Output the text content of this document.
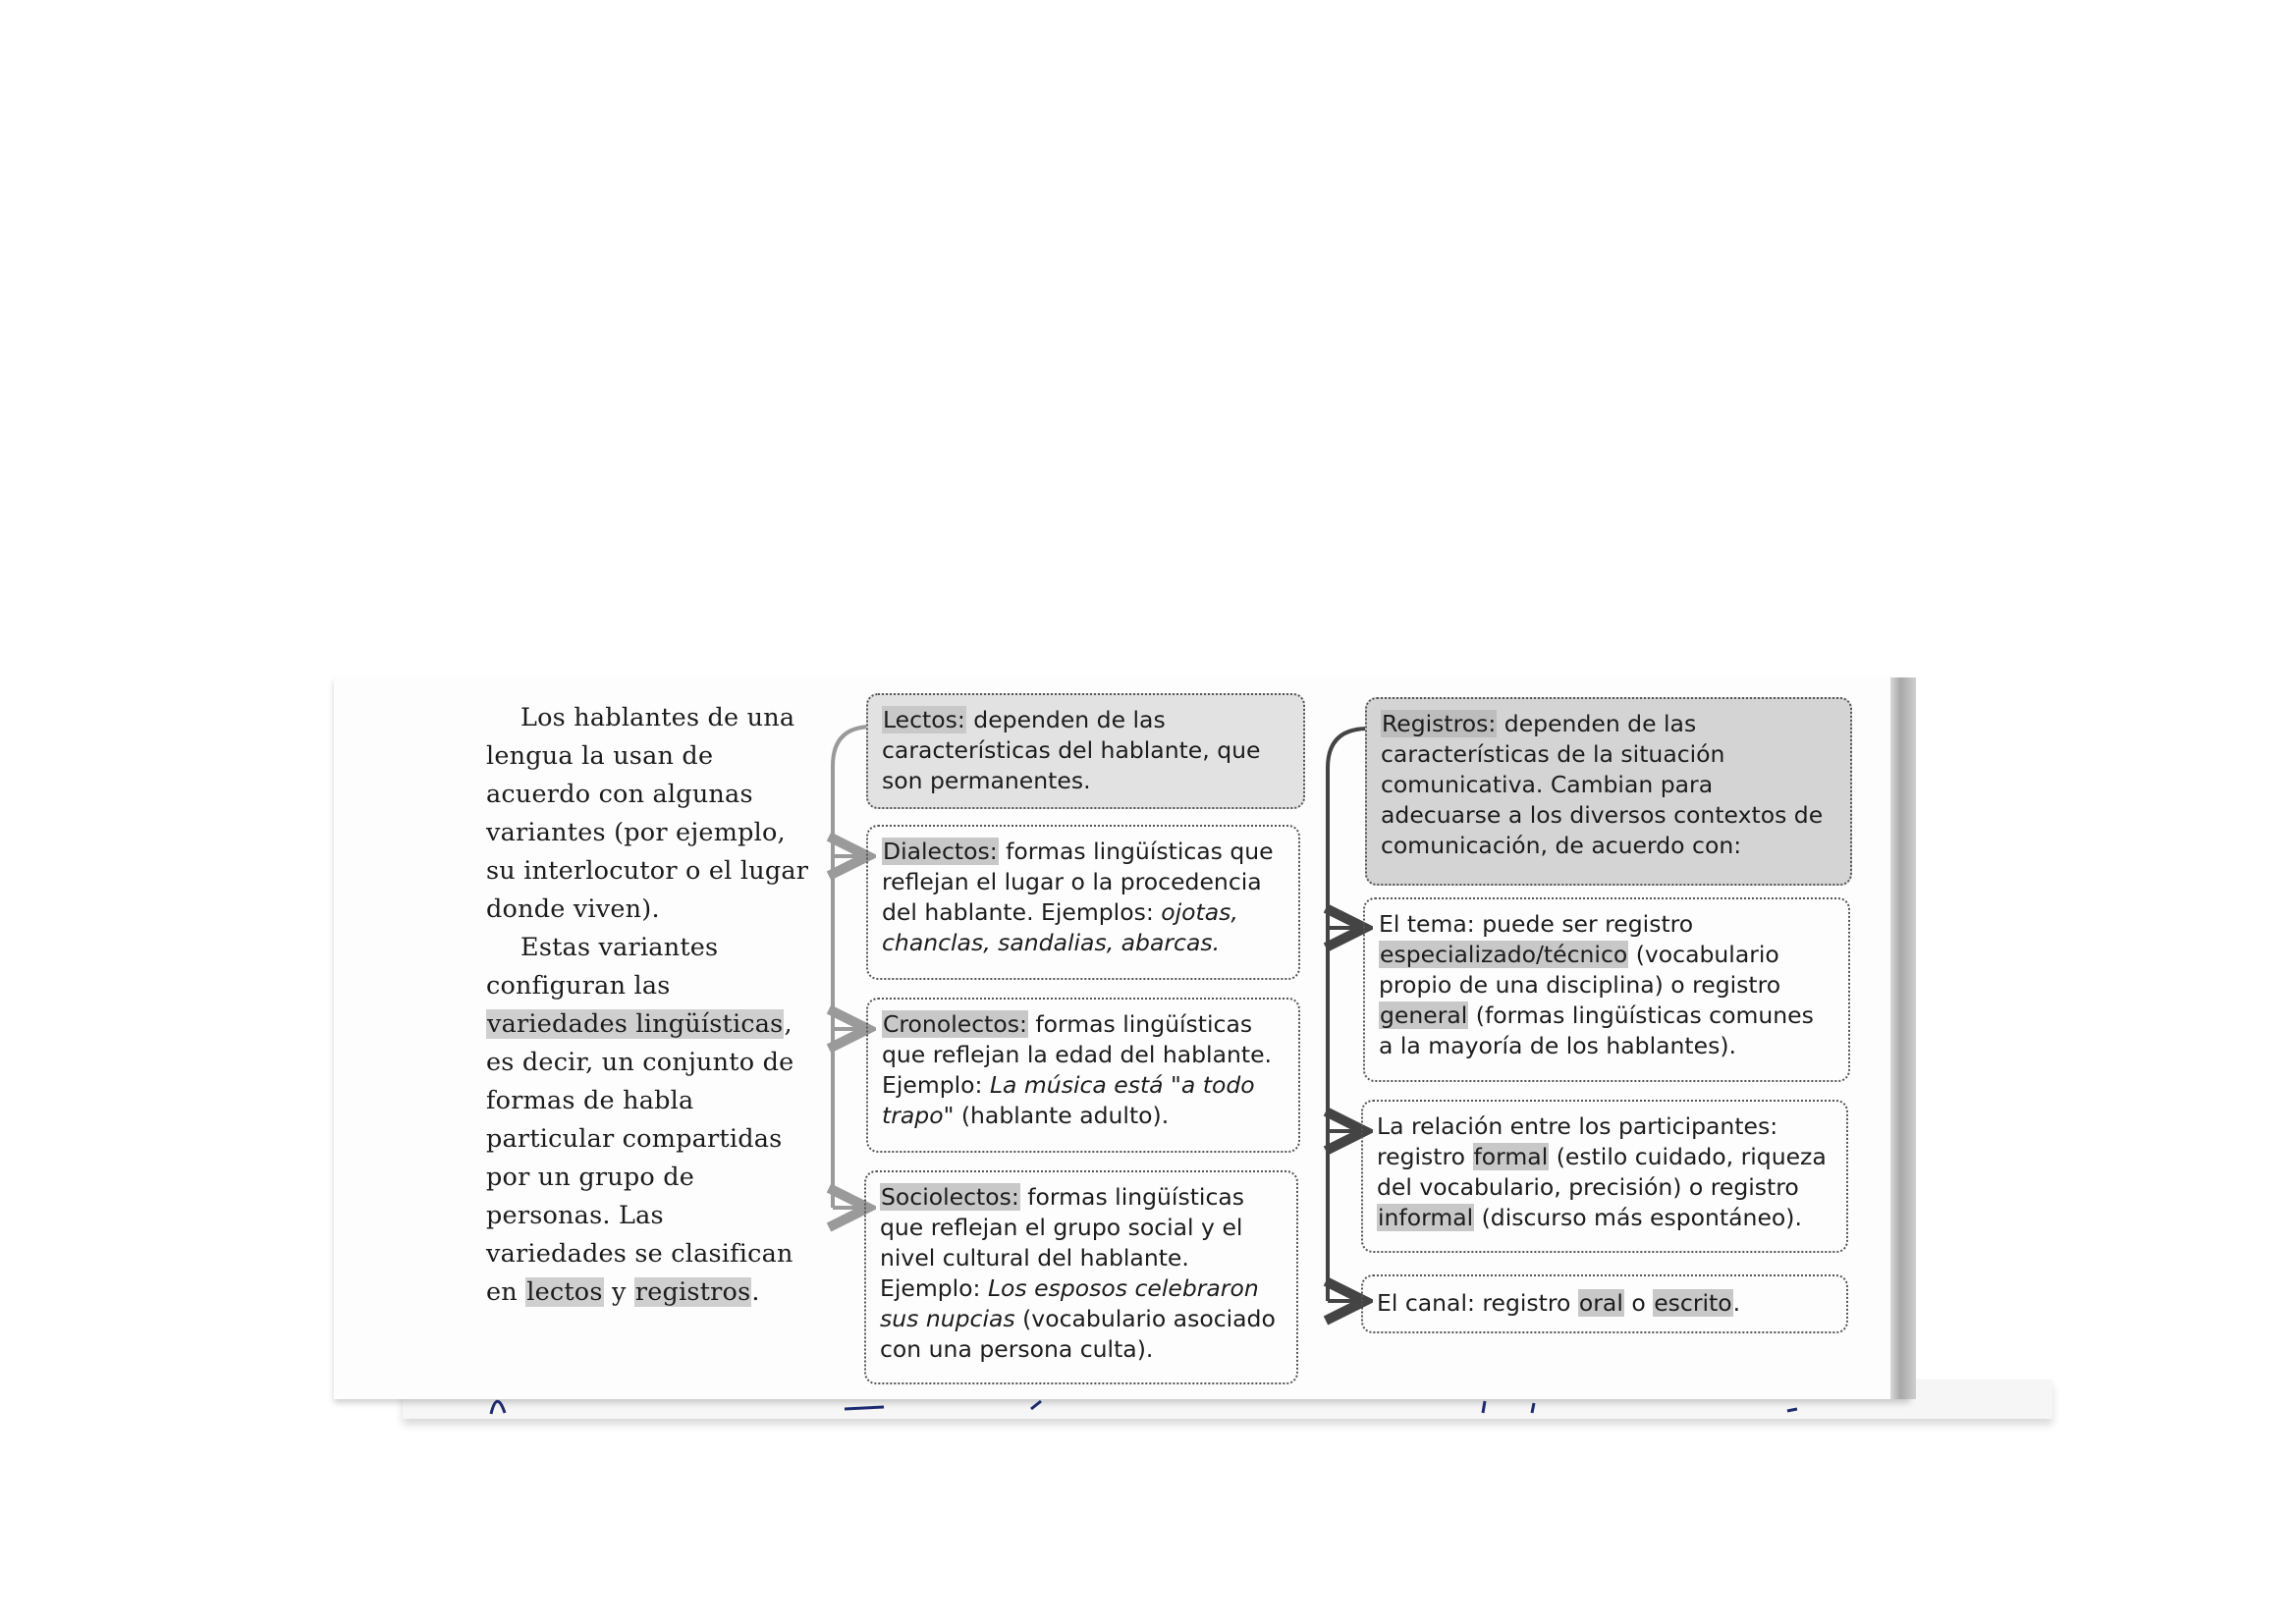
Los hablantes de una lengua la usan de acuerdo con algunas variantes (por ejemplo, su interlocutor o el lugar donde viven).

Estas variantes configuran las variedades lingüísticas, es decir, un conjunto de formas de habla particular compartidas por un grupo de personas. Las variedades se clasifican en lectos y registros.

Lectos: dependen de las características del hablante, que son permanentes.
Dialectos: formas lingüísticas que reflejan el lugar o la procedencia del hablante. Ejemplos: ojotas, chanclas, sandalias, abarcas.
Cronolectos: formas lingüísticas que reflejan la edad del hablante. Ejemplo: La música está "a todo trapo" (hablante adulto).
Sociolectos: formas lingüísticas que reflejan el grupo social y el nivel cultural del hablante. Ejemplo: Los esposos celebraron sus nupcias (vocabulario asociado con una persona culta).
Registros: dependen de las características de la situación comunicativa. Cambian para adecuarse a los diversos contextos de comunicación, de acuerdo con:
El tema: puede ser registro especializado/técnico (vocabulario propio de una disciplina) o registro general (formas lingüísticas comunes a la mayoría de los hablantes).
La relación entre los participantes: registro formal (estilo cuidado, riqueza del vocabulario, precisión) o registro informal (discurso más espontáneo).
El canal: registro oral o escrito.
